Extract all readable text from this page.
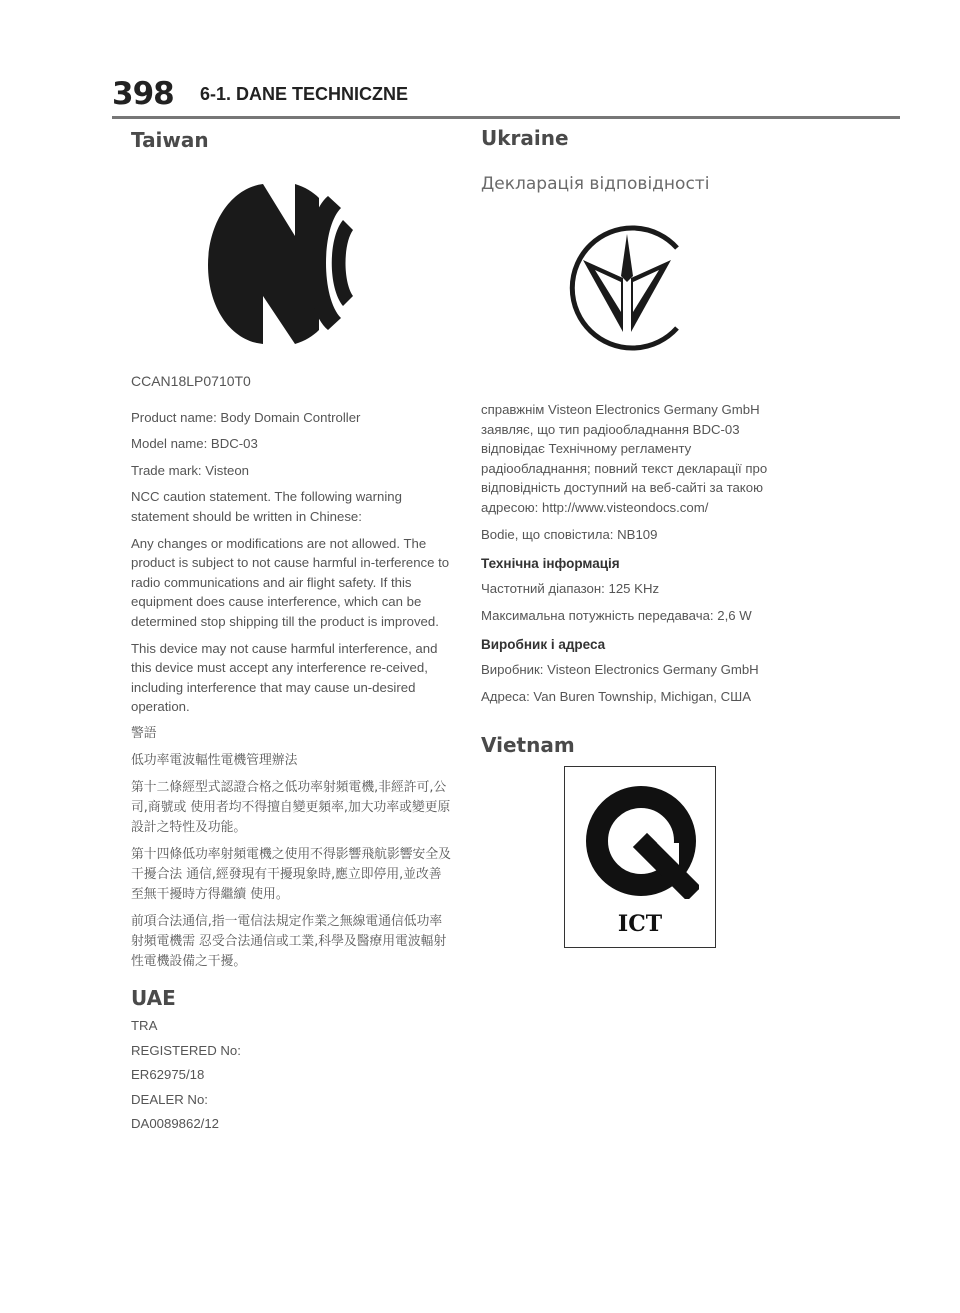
398 6-1. DANE TECHNICZNE
Taiwan

CCAN18LP0710T0

Product name: Body Domain Controller

Model name: BDC-03

Trade mark: Visteon

NCC caution statement. The following warning statement should be written in Chinese:

Any changes or modifications are not allowed. The product is subject to not cause harmful in-terference to radio communications and air flight safety. If this equipment does cause interference, which can be determined stop shipping till the product is improved.

This device may not cause harmful interference, and this device must accept any interference re-ceived, including interference that may cause un-desired operation.

警語

低功率電波輻性電機管理辦法

第十二條經型式認證合格之低功率射頻電機,非經許可,公司,商號或 使用者均不得擅自變更頻率,加大功率或變更原設計之特性及功能。

第十四條低功率射頻電機之使用不得影響飛航影響安全及干擾合法 通信,經發現有干擾現象時,應立即停用,並改善至無干擾時方得繼續 使用。

前項合法通信,指一電信法規定作業之無線電通信低功率射頻電機需 忍受合法通信或工業,科學及醫療用電波輻射性電機設備之干擾。

UAE

TRA

REGISTERED No:

ER62975/18

DEALER No:

DA0089862/12

Ukraine
Декларація відповідності

справжнім Visteon Electronics Germany GmbH заявляє, що тип радіообладнання BDC-03 відповідає Технічному регламенту радіообладнання; повний текст декларації про відповідність доступний на веб-сайті за такою адресою: http://www.visteondocs.com/

Bodie, що сповістила: NB109

Технічна інформація

Частотний діапазон: 125 KHz

Максимальна потужність передавача: 2,6 W

Виробник і адреса

Виробник: Visteon Electronics Germany GmbH

Адреса: Van Buren Township, Michigan, США

Vietnam
ICT
